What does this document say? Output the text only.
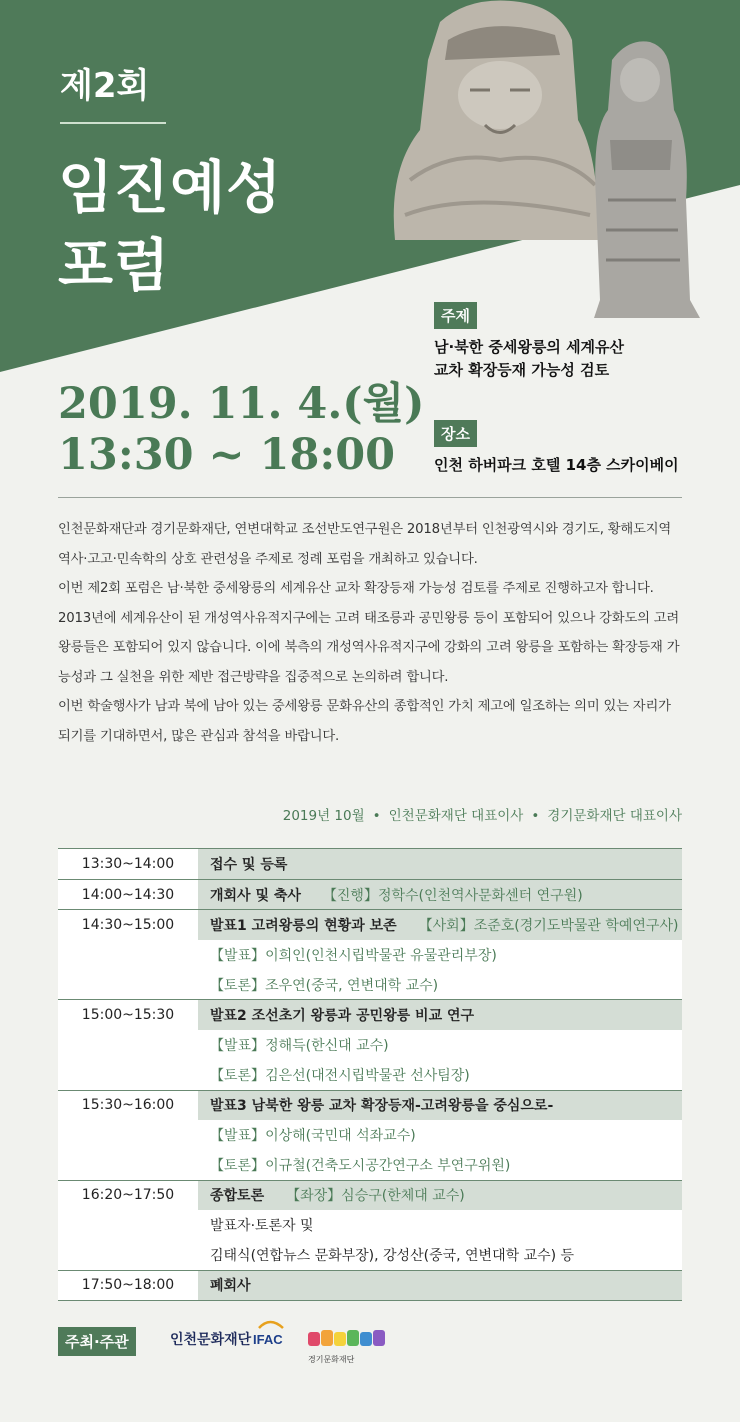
제2회
임진예성
포럼
2019. 11. 4.(월)
13:30 ~ 18:00
주제
남·북한 중세왕릉의 세계유산
교차 확장등재 가능성 검토
장소
인천 하버파크 호텔 14층 스카이베이

인천문화재단과 경기문화재단, 연변대학교 조선반도연구원은 2018년부터 인천광역시와 경기도, 황해도지역 역사·고고·민속학의 상호 관련성을 주제로 정례 포럼을 개최하고 있습니다.

이번 제2회 포럼은 남·북한 중세왕릉의 세계유산 교차 확장등재 가능성 검토를 주제로 진행하고자 합니다.

2013년에 세계유산이 된 개성역사유적지구에는 고려 태조릉과 공민왕릉 등이 포함되어 있으나 강화도의 고려 왕릉들은 포함되어 있지 않습니다. 이에 북측의 개성역사유적지구에 강화의 고려 왕릉을 포함하는 확장등재 가능성과 그 실천을 위한 제반 접근방략을 집중적으로 논의하려 합니다.

이번 학술행사가 남과 북에 남아 있는 중세왕릉 문화유산의 종합적인 가치 제고에 일조하는 의미 있는 자리가 되기를 기대하면서, 많은 관심과 참석을 바랍니다.

2019년 10월 • 인천문화재단 대표이사 • 경기문화재단 대표이사
13:30~14:00	접수 및 등록
14:00~14:30	개회사 및 축사 【진행】정학수(인천역사문화센터 연구원)
14:30~15:00	발표1 고려왕릉의 현황과 보존 【사회】조준호(경기도박물관 학예연구사)
	【발표】이희인(인천시립박물관 유물관리부장)
	【토론】조우연(중국, 연변대학 교수)
15:00~15:30	발표2 조선초기 왕릉과 공민왕릉 비교 연구
	【발표】정해득(한신대 교수)
	【토론】김은선(대전시립박물관 선사팀장)
15:30~16:00	발표3 남북한 왕릉 교차 확장등재-고려왕릉을 중심으로-
	【발표】이상해(국민대 석좌교수)
	【토론】이규철(건축도시공간연구소 부연구위원)
16:20~17:50	종합토론 【좌장】심승구(한체대 교수)
	발표자·토론자 및
	김태식(연합뉴스 문화부장), 강성산(중국, 연변대학 교수) 등
17:50~18:00	폐회사
주최·주관	인천문화재단 IFAC
경기문화재단
